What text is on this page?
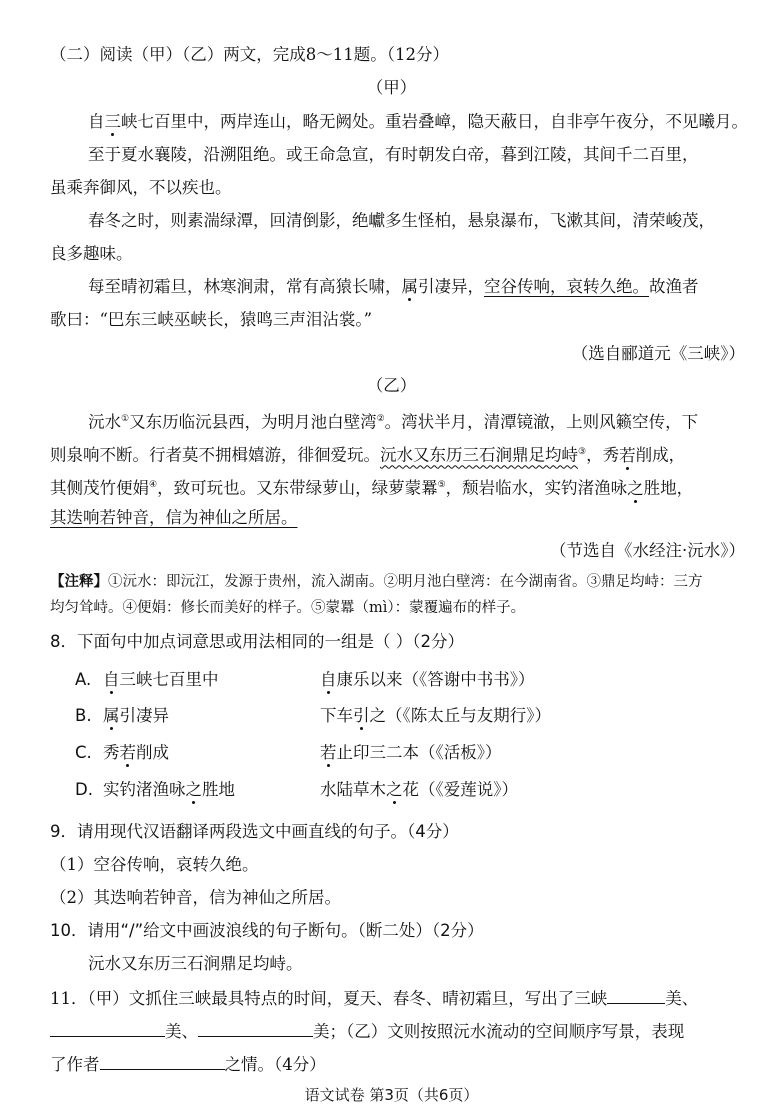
（二）阅读（甲）（乙）两文，完成8～11题。（12分）
（甲）
自三峡七百里中，两岸连山，略无阙处。重岩叠嶂，隐天蔽日，自非亭午夜分，不见曦月。
至于夏水襄陵，沿溯阻绝。或王命急宣，有时朝发白帝，暮到江陵，其间千二百里，
虽乘奔御风，不以疾也。
春冬之时，则素湍绿潭，回清倒影，绝巘多生怪柏，悬泉瀑布，飞漱其间，清荣峻茂，
良多趣味。
每至晴初霜旦，林寒涧肃，常有高猿长啸，属引凄异，空谷传响，哀转久绝。故渔者
歌曰：“巴东三峡巫峡长，猿鸣三声泪沾裳。”
（选自郦道元《三峡》）
（乙）
沅水①又东历临沅县西，为明月池白壁湾②。湾状半月，清潭镜澈，上则风籁空传，下
则泉响不断。行者莫不拥楫嬉游，徘徊爱玩。沅水又东历三石涧鼎足均峙③，秀若削成，
其侧茂竹便娟④，致可玩也。又东带绿萝山，绿萝蒙羃⑤，颓岩临水，实钓渚渔咏之胜地，
其迭响若钟音，信为神仙之所居。
（节选自《水经注·沅水》）
【注释】①沅水：即沅江，发源于贵州，流入湖南。②明月池白壁湾：在今湖南省。③鼎足均峙：三方
均匀耸峙。④便娟：修长而美好的样子。⑤蒙羃（mì）：蒙覆遍布的样子。
8．下面句中加点词意思或用法相同的一组是（ ）（2分）
A. 自三峡七百里中	自康乐以来（《答谢中书书》）
B. 属引凄异	下车引之（《陈太丘与友期行》）
C. 秀若削成	若止印三二本（《活板》）
D. 实钓渚渔咏之胜地	水陆草木之花（《爱莲说》）
9．请用现代汉语翻译两段选文中画直线的句子。（4分）
（1）空谷传响，哀转久绝。
（2）其迭响若钟音，信为神仙之所居。
10．请用“/”给文中画波浪线的句子断句。（断二处）（2分）
沅水又东历三石涧鼎足均峙。
11．（甲）文抓住三峡最具特点的时间，夏天、春冬、晴初霜旦，写出了三峡	美、
美、	美；（乙）文则按照沅水流动的空间顺序写景，表现
了作者	之情。（4分）
语文试卷 第3页（共6页）
